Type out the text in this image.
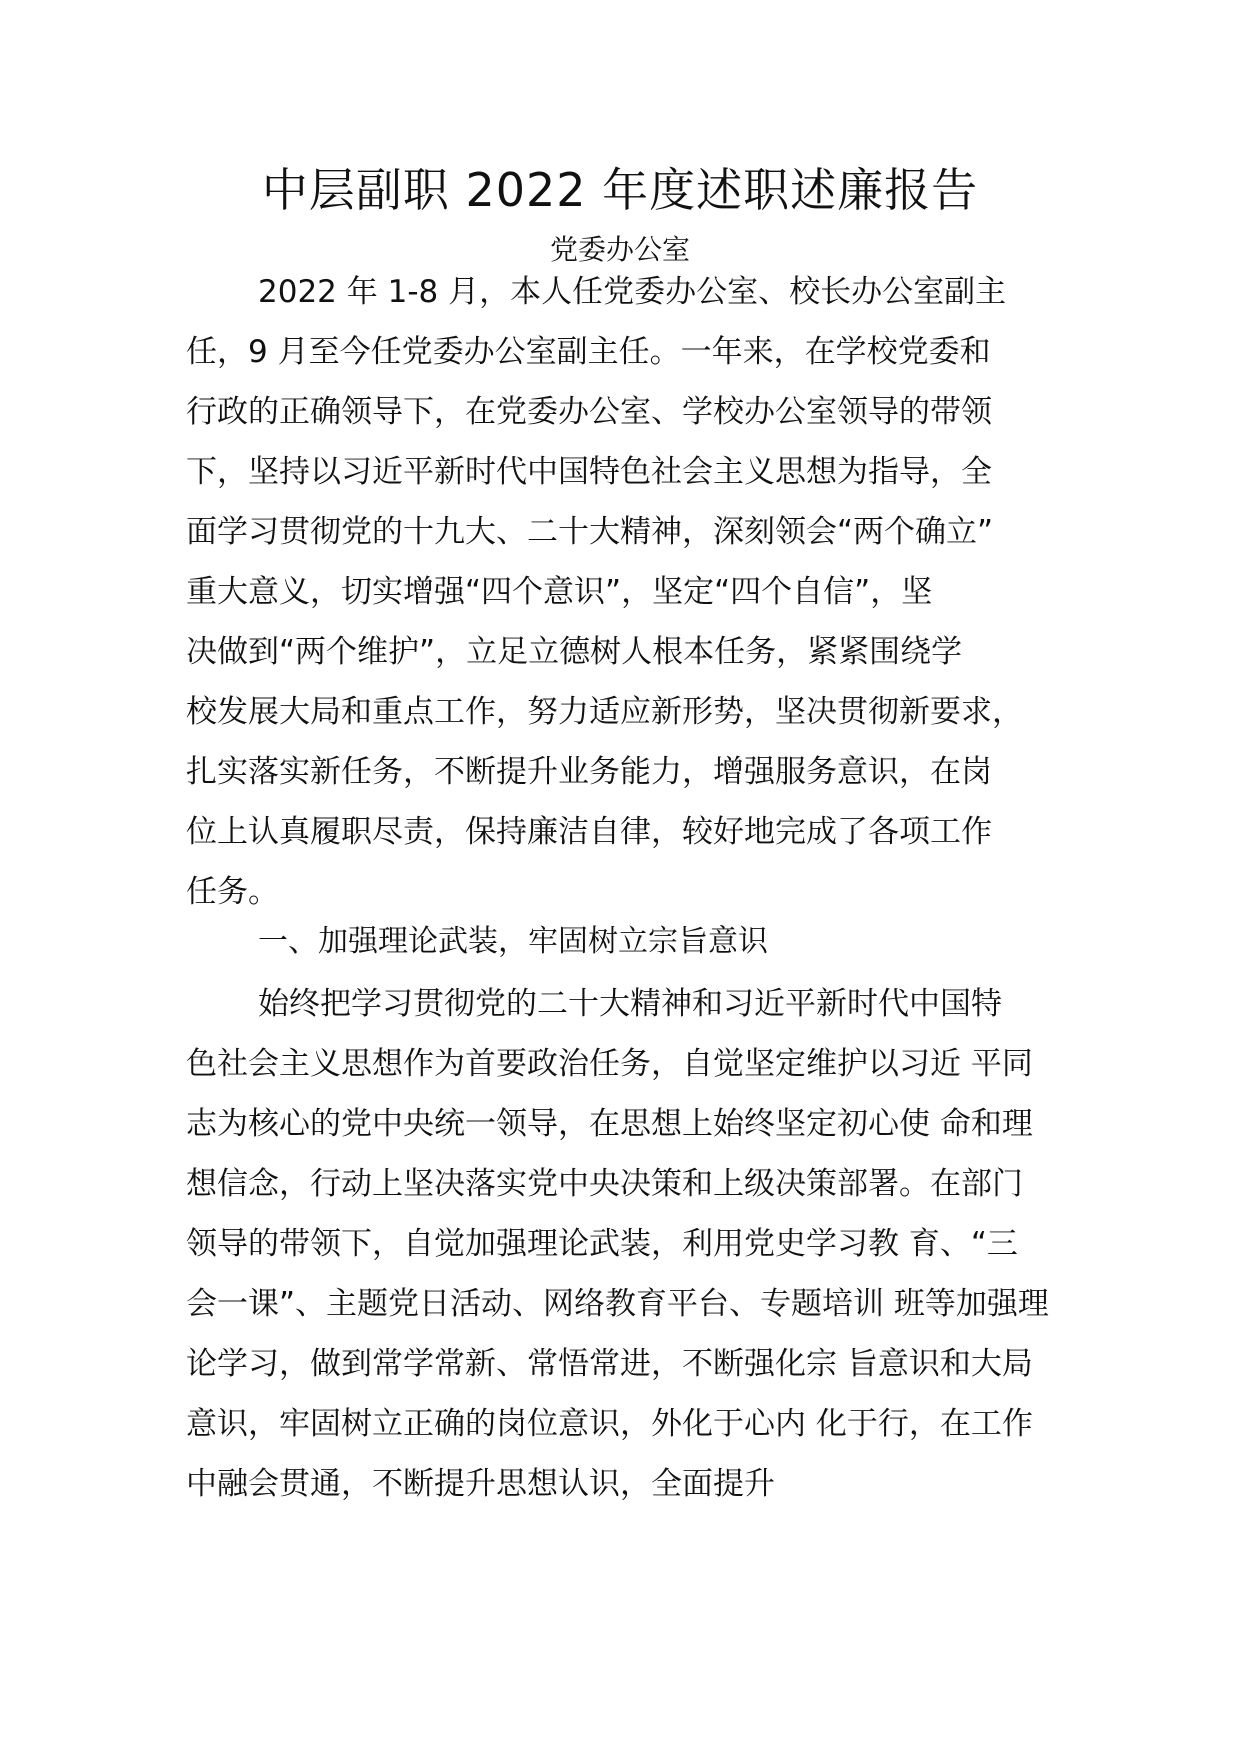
中层副职 2022 年度述职述廉报告
党委办公室
2022 年 1-8 月，本人任党委办公室、校长办公室副主
任，9 月至今任党委办公室副主任。一年来，在学校党委和
行政的正确领导下，在党委办公室、学校办公室领导的带领
下，坚持以习近平新时代中国特色社会主义思想为指导，全
面学习贯彻党的十九大、二十大精神，深刻领会“两个确立”
重大意义，切实增强“四个意识”，坚定“四个自信”，坚
决做到“两个维护”，立足立德树人根本任务，紧紧围绕学
校发展大局和重点工作，努力适应新形势，坚决贯彻新要求，
扎实落实新任务，不断提升业务能力，增强服务意识，在岗
位上认真履职尽责，保持廉洁自律，较好地完成了各项工作
任务。
一、加强理论武装，牢固树立宗旨意识
始终把学习贯彻党的二十大精神和习近平新时代中国特
色社会主义思想作为首要政治任务，自觉坚定维护以习近 平同
志为核心的党中央统一领导，在思想上始终坚定初心使 命和理
想信念，行动上坚决落实党中央决策和上级决策部署。在部门
领导的带领下，自觉加强理论武装，利用党史学习教 育、“三
会一课”、主题党日活动、网络教育平台、专题培训 班等加强理
论学习，做到常学常新、常悟常进，不断强化宗 旨意识和大局
意识，牢固树立正确的岗位意识，外化于心内 化于行，在工作
中融会贯通，不断提升思想认识，全面提升
